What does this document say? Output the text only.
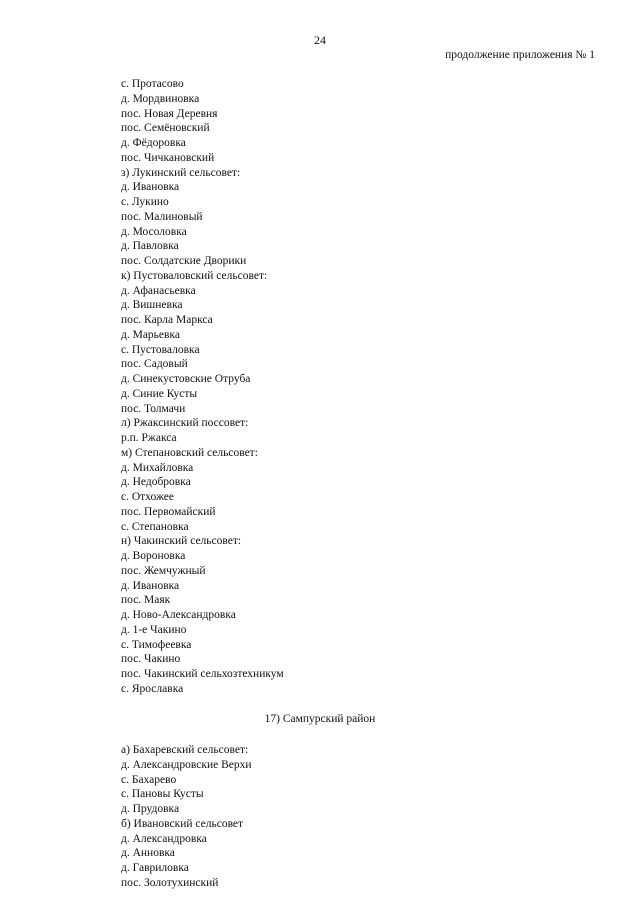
24
продолжение приложения № 1
с. Протасово
д. Мордвиновка
пос. Новая Деревня
пос. Семёновский
д. Фёдоровка
пос. Чичкановский
з) Лукинский сельсовет:
д. Ивановка
с. Лукино
пос. Малиновый
д. Мосоловка
д. Павловка
пос. Солдатские Дворики
к) Пустоваловский сельсовет:
д. Афанасьевка
д. Вишневка
пос. Карла Маркса
д. Марьевка
с. Пустоваловка
пос. Садовый
д. Синекустовские Отруба
д. Синие Кусты
пос. Толмачи
л) Ржаксинский поссовет:
р.п. Ржакса
м) Степановский сельсовет:
д. Михайловка
д. Недобровка
с. Отхожее
пос. Первомайский
с. Степановка
н) Чакинский сельсовет:
д. Вороновка
пос. Жемчужный
д. Ивановка
пос. Маяк
д. Ново-Александровка
д. 1-е Чакино
с. Тимофеевка
пос. Чакино
пос. Чакинский сельхозтехникум
с. Ярославка
17) Сампурский район
а) Бахаревский сельсовет:
д. Александровские Верхи
с. Бахарево
с. Пановы Кусты
д. Прудовка
б) Ивановский сельсовет
д. Александровка
д. Анновка
д. Гавриловка
пос. Золотухинский
